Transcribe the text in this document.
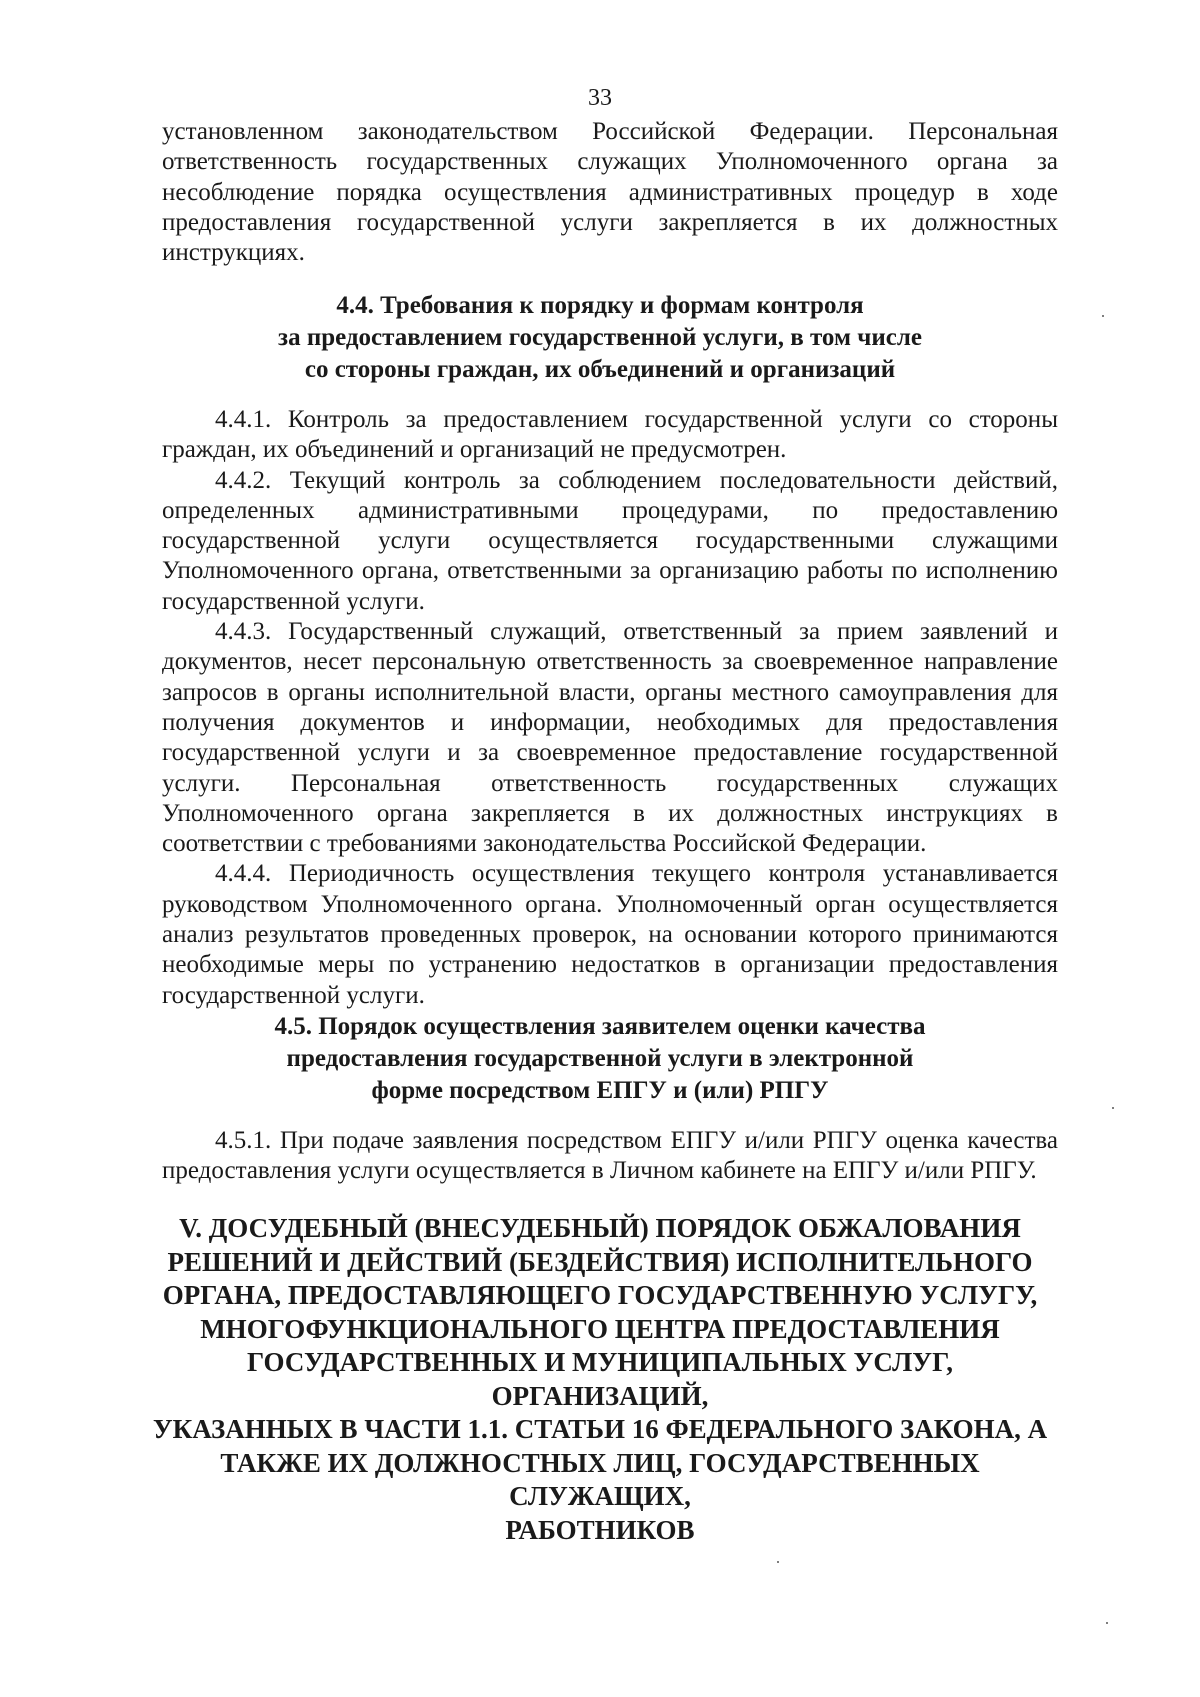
33

установленном законодательством Российской Федерации. Персональная ответственность государственных служащих Уполномоченного органа за несоблюдение порядка осуществления административных процедур в ходе предоставления государственной услуги закрепляется в их должностных инструкциях.

4.4. Требования к порядку и формам контроля
за предоставлением государственной услуги, в том числе
со стороны граждан, их объединений и организаций

4.4.1. Контроль за предоставлением государственной услуги со стороны граждан, их объединений и организаций не предусмотрен.

4.4.2. Текущий контроль за соблюдением последовательности действий, определенных административными процедурами, по предоставлению государственной услуги осуществляется государственными служащими Уполномоченного органа, ответственными за организацию работы по исполнению государственной услуги.

4.4.3. Государственный служащий, ответственный за прием заявлений и документов, несет персональную ответственность за своевременное направление запросов в органы исполнительной власти, органы местного самоуправления для получения документов и информации, необходимых для предоставления государственной услуги и за своевременное предоставление государственной услуги. Персональная ответственность государственных служащих Уполномоченного органа закрепляется в их должностных инструкциях в соответствии с требованиями законодательства Российской Федерации.

4.4.4. Периодичность осуществления текущего контроля устанавливается руководством Уполномоченного органа. Уполномоченный орган осуществляется анализ результатов проведенных проверок, на основании которого принимаются необходимые меры по устранению недостатков в организации предоставления государственной услуги.

4.5. Порядок осуществления заявителем оценки качества
предоставления государственной услуги в электронной
форме посредством ЕПГУ и (или) РПГУ

4.5.1. При подаче заявления посредством ЕПГУ и/или РПГУ оценка качества предоставления услуги осуществляется в Личном кабинете на ЕПГУ и/или РПГУ.

V. ДОСУДЕБНЫЙ (ВНЕСУДЕБНЫЙ) ПОРЯДОК ОБЖАЛОВАНИЯ
РЕШЕНИЙ И ДЕЙСТВИЙ (БЕЗДЕЙСТВИЯ) ИСПОЛНИТЕЛЬНОГО
ОРГАНА, ПРЕДОСТАВЛЯЮЩЕГО ГОСУДАРСТВЕННУЮ УСЛУГУ,
МНОГОФУНКЦИОНАЛЬНОГО ЦЕНТРА ПРЕДОСТАВЛЕНИЯ
ГОСУДАРСТВЕННЫХ И МУНИЦИПАЛЬНЫХ УСЛУГ, ОРГАНИЗАЦИЙ,
УКАЗАННЫХ В ЧАСТИ 1.1. СТАТЬИ 16 ФЕДЕРАЛЬНОГО ЗАКОНА, А
ТАКЖЕ ИХ ДОЛЖНОСТНЫХ ЛИЦ, ГОСУДАРСТВЕННЫХ СЛУЖАЩИХ,
РАБОТНИКОВ
